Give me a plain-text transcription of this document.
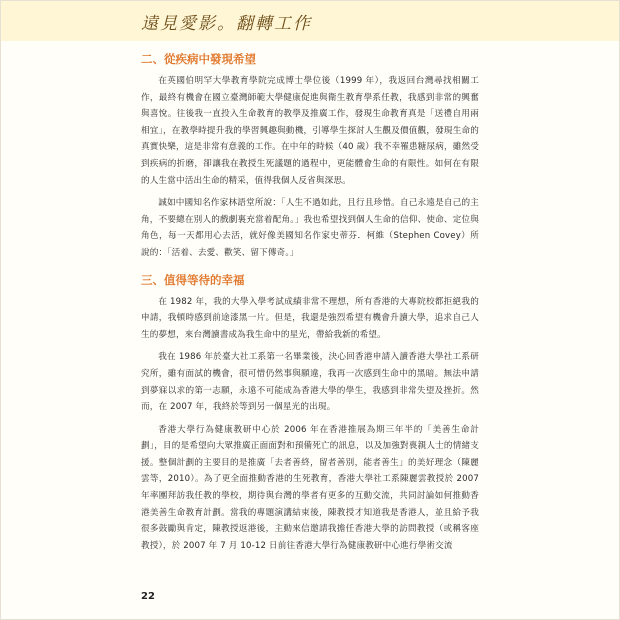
遠見愛影。翻轉工作
二、從疾病中發現希望

在英國伯明罕大學教育學院完成博士學位後（1999 年），我返回台灣尋找相關工作，最終有機會在國立臺灣師範大學健康促進與衛生教育學系任教，我感到非常的興奮與喜悅。往後我一直投入生命教育的教學及推廣工作，發現生命教育真是「送禮自用兩相宜」，在教學時提升我的學習興趣與動機，引導學生探討人生觀及價值觀，發現生命的真實快樂，這是非常有意義的工作。在中年的時候（40 歲）我不幸罹患糖尿病，雖然受到疾病的折磨，卻讓我在教授生死議題的過程中，更能體會生命的有限性。如何在有限的人生當中活出生命的精采，值得我個人反省與深思。

誠如中國知名作家林語堂所說：「人生不過如此，且行且珍惜。自己永遠是自己的主角，不要總在別人的戲劇裏充當着配角。」我也希望找到個人生命的信仰、使命、定位與角色，每一天都用心去活，就好像美國知名作家史蒂芬．柯維（Stephen Covey）所說的：「活着、去愛、歡笑、留下傳奇。」

三、值得等待的幸福

在 1982 年，我的大學入學考試成績非常不理想，所有香港的大專院校都拒絕我的申請，我頓時感到前途漆黑一片。但是，我還是強烈希望有機會升讀大學，追求自己人生的夢想，來台灣讀書成為我生命中的星光，帶給我新的希望。

我在 1986 年於臺大社工系第一名畢業後，決心回香港申請入讀香港大學社工系研究所，雖有面試的機會，很可惜仍然事與願違，我再一次感到生命中的黑暗。無法申請到夢寐以求的第一志願，永遠不可能成為香港大學的學生，我感到非常失望及挫折。然而，在 2007 年，我終於等到另一個星光的出現。

香港大學行為健康教研中心於 2006 年在香港推展為期三年半的「美善生命計劃」，目的是希望向大眾推廣正面面對和預備死亡的訊息，以及加強對喪親人士的情緒支援。整個計劃的主要目的是推廣「去者善終，留者善別，能者善生」的美好理念（陳麗雲等，2010）。為了更全面推動香港的生死教育，香港大學社工系陳麗雲教授於 2007 年率團拜訪我任教的學校，期待與台灣的學者有更多的互動交流，共同討論如何推動香港美善生命教育計劃。當我的專題演講結束後，陳教授才知道我是香港人，並且給予我很多鼓勵與肯定，陳教授返港後，主動來信邀請我擔任香港大學的訪問教授（或稱客座教授），於 2007 年 7 月 10-12 日前往香港大學行為健康教研中心進行學術交流

22
